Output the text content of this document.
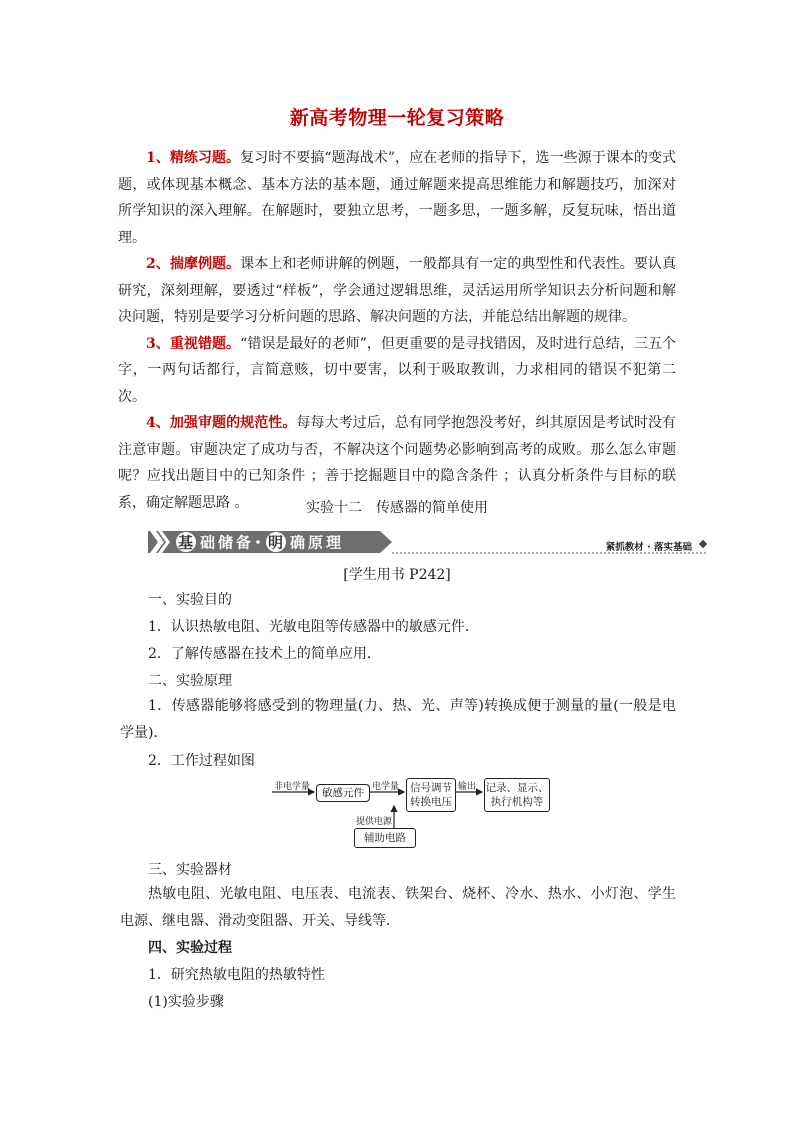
新高考物理一轮复习策略

1、精练习题。复习时不要搞“题海战术”，应在老师的指导下，选一些源于课本的变式题，或体现基本概念、基本方法的基本题，通过解题来提高思维能力和解题技巧，加深对所学知识的深入理解。在解题时，要独立思考，一题多思，一题多解，反复玩味，悟出道理。

2、揣摩例题。课本上和老师讲解的例题，一般都具有一定的典型性和代表性。要认真研究，深刻理解，要透过“样板”，学会通过逻辑思维，灵活运用所学知识去分析问题和解决问题，特别是要学习分析问题的思路、解决问题的方法，并能总结出解题的规律。

3、重视错题。“错误是最好的老师”，但更重要的是寻找错因，及时进行总结，三五个字，一两句话都行，言简意赅，切中要害，以利于吸取教训，力求相同的错误不犯第二次。

4、加强审题的规范性。每每大考过后，总有同学抱怨没考好，纠其原因是考试时没有注意审题。审题决定了成功与否，不解决这个问题势必影响到高考的成败。那么怎么审题呢？应找出题目中的已知条件 ；善于挖掘题目中的隐含条件 ；认真分析条件与目标的联系，确定解题思路 。	实验十二　传感器的简单使用
基 础 储 备 明 确 原 理	紧抓教材 · 落实基础
[学生用书 P242]

一、实验目的

1．认识热敏电阻、光敏电阻等传感器中的敏感元件．

2．了解传感器在技术上的简单应用．

二、实验原理

1．传感器能够将感受到的物理量(力、热、光、声等)转换成便于测量的量(一般是电学量)．

2．工作过程如图

非电学量	敏感元件 电学量 信号调节
转换电压
输出 记录、显示、
执行机构等
提供电源
辅助电路

三、实验器材

热敏电阻、光敏电阻、电压表、电流表、铁架台、烧杯、冷水、热水、小灯泡、学生电源、继电器、滑动变阻器、开关、导线等．

四、实验过程

1．研究热敏电阻的热敏特性

(1)实验步骤
